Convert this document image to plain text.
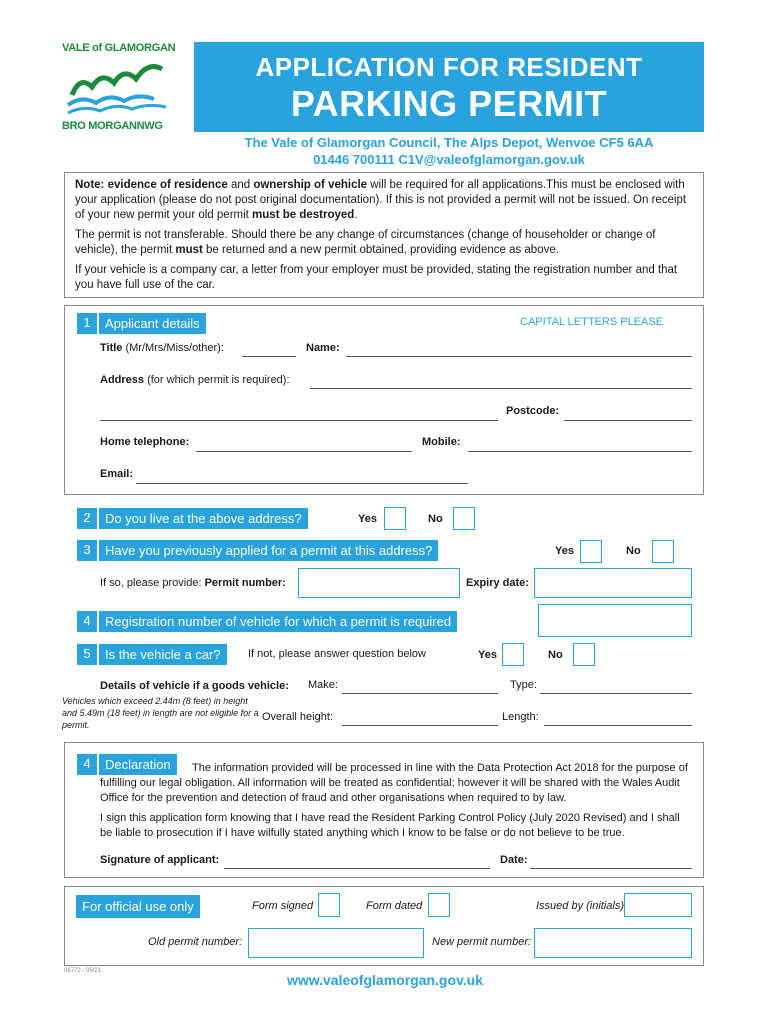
VALE of GLAMORGAN
BRO MORGANNWG
APPLICATION FOR RESIDENT
PARKING PERMIT
The Vale of Glamorgan Council, The Alps Depot, Wenvoe CF5 6AA
01446 700111 C1V@valeofglamorgan.gov.uk

Note: evidence of residence and ownership of vehicle will be required for all applications.This must be enclosed with your application (please do not post original documentation). If this is not provided a permit will not be issued. On receipt of your new permit your old permit must be destroyed.

The permit is not transferable. Should there be any change of circumstances (change of householder or change of vehicle), the permit must be returned and a new permit obtained, providing evidence as above.

If your vehicle is a company car, a letter from your employer must be provided, stating the registration number and that you have full use of the car.

1	Applicant details	CAPITAL LETTERS PLEASE
Title (Mr/Mrs/Miss/other):	Name:
Address (for which permit is required):
Postcode:
Home telephone:	Mobile:
Email:
2	Do you live at the above address?	Yes	No
3	Have you previously applied for a permit at this address?	Yes	No
If so, please provide: Permit number:	Expiry date:
4	Registration number of vehicle for which a permit is required
5	Is the vehicle a car?	If not, please answer question below	Yes	No
Details of vehicle if a goods vehicle: Make:	Type:
Vehicles which exceed 2.44m (8 feet) in height and 5.49m (18 feet) in length are not eligible for a permit.
Overall height:	Length:
4	Declaration	The information provided will be processed in line with the Data Protection Act 2018 for the purpose of fulfilling our legal obligation. All information will be treated as confidential; however it will be shared with the Wales Audit Office for the prevention and detection of fraud and other organisations when required to by law.
I sign this application form knowing that I have read the Resident Parking Control Policy (July 2020 Revised) and I shall be liable to prosecution if I have wilfully stated anything which I know to be false or do not believe to be true.
Signature of applicant:	Date:
For official use only	Form signed	Form dated	Issued by (initials)
Old permit number:	New permit number:
06772 - 05/21
www.valeofglamorgan.gov.uk
